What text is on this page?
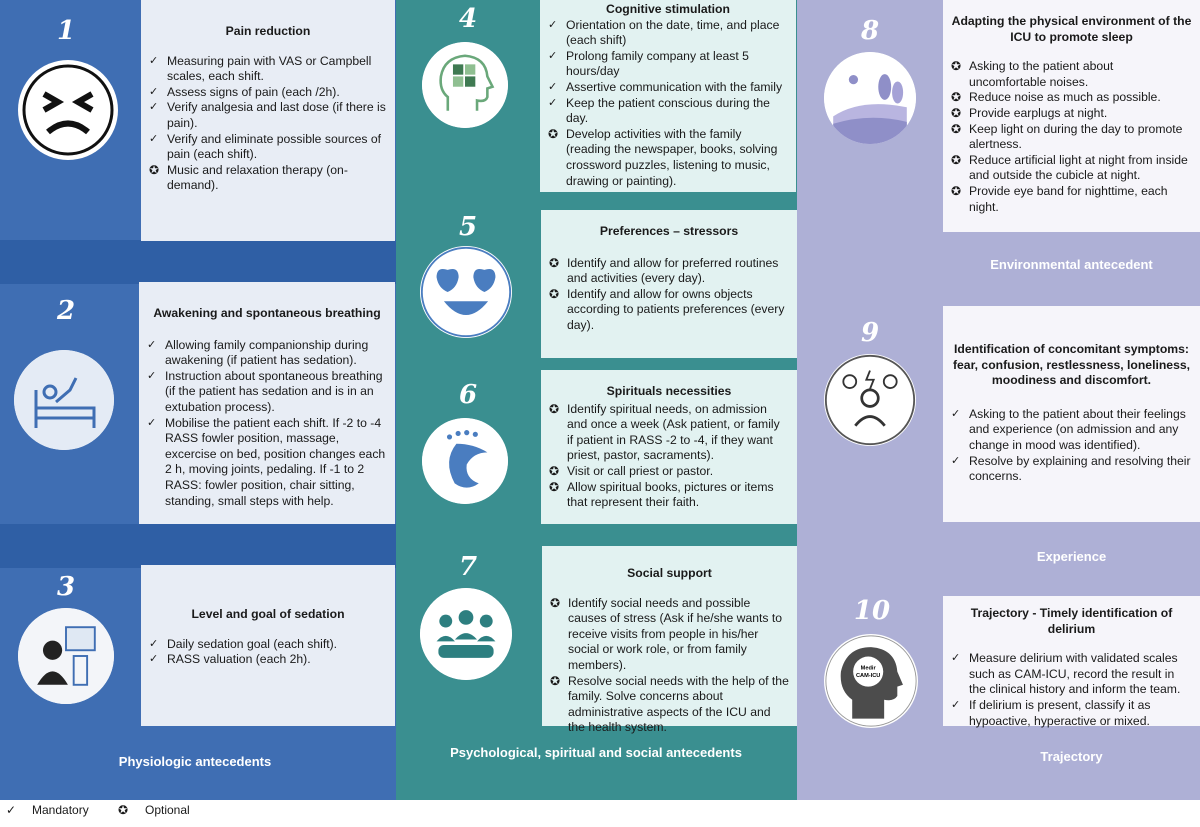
1
2
3
4
5
6
7
8
9
10
Medir
CAM-ICU
Pain reduction
✓ Measuring pain with VAS or Campbell scales, each shift.
✓ Assess signs of pain (each /2h).
✓ Verify analgesia and last dose (if there is pain).
✓ Verify and eliminate possible sources of pain (each shift).
✪ Music and relaxation therapy (on-demand).
Awakening and spontaneous breathing
✓ Allowing family companionship during awakening (if patient has sedation).
✓ Instruction about spontaneous breathing (if the patient has sedation and is in an extubation process).
✓ Mobilise the patient each shift. If -2 to -4 RASS fowler position, massage, excercise on bed, position changes each 2 h, moving joints, pedaling. If -1 to 2 RASS: fowler position, chair sitting, standing, small steps with help.
Level and goal of sedation
✓ Daily sedation goal (each shift).
✓ RASS valuation (each 2h).
Cognitive stimulation
✓ Orientation on the date, time, and place (each shift)
✓ Prolong family company at least 5 hours/day
✓ Assertive communication with the family
✓ Keep the patient conscious during the day.
✪ Develop activities with the family (reading the newspaper, books, solving crossword puzzles, listening to music, drawing or painting).
Preferences – stressors
✪ Identify and allow for preferred routines and activities (every day).
✪ Identify and allow for owns objects according to patients preferences (every day).
Spirituals necessities
✪ Identify spiritual needs, on admission and once a week (Ask patient, or family if patient in RASS -2 to -4, if they want priest, pastor, sacraments).
✪ Visit or call priest or pastor.
✪ Allow spiritual books, pictures or items that represent their faith.
Social support
✪ Identify social needs and possible causes of stress (Ask if he/she wants to receive visits from people in his/her social or work role, or from family members).
✪ Resolve social needs with the help of the family. Solve concerns about administrative aspects of the ICU and the health system.
Adapting the physical environment of the ICU to promote sleep
✪ Asking to the patient about uncomfortable noises.
✪ Reduce noise as much as possible.
✪ Provide earplugs at night.
✪ Keep light on during the day to promote alertness.
✪ Reduce artificial light at night from inside and outside the cubicle at night.
✪ Provide eye band for nighttime, each night.
Identification of concomitant symptoms: fear, confusion, restlessness, loneliness, moodiness and discomfort.
✓ Asking to the patient about their feelings and experience (on admission and any change in mood was identified).
✓ Resolve by explaining and resolving their concerns.
Trajectory - Timely identification of delirium
✓ Measure delirium with validated scales such as CAM-ICU, record the result in the clinical history and inform the team.
✓ If delirium is present, classify it as hypoactive, hyperactive or mixed.
Physiologic antecedents
Psychological, spiritual and social antecedents
Environmental antecedent
Experience
Trajectory
✓ Mandatory ✪ Optional
